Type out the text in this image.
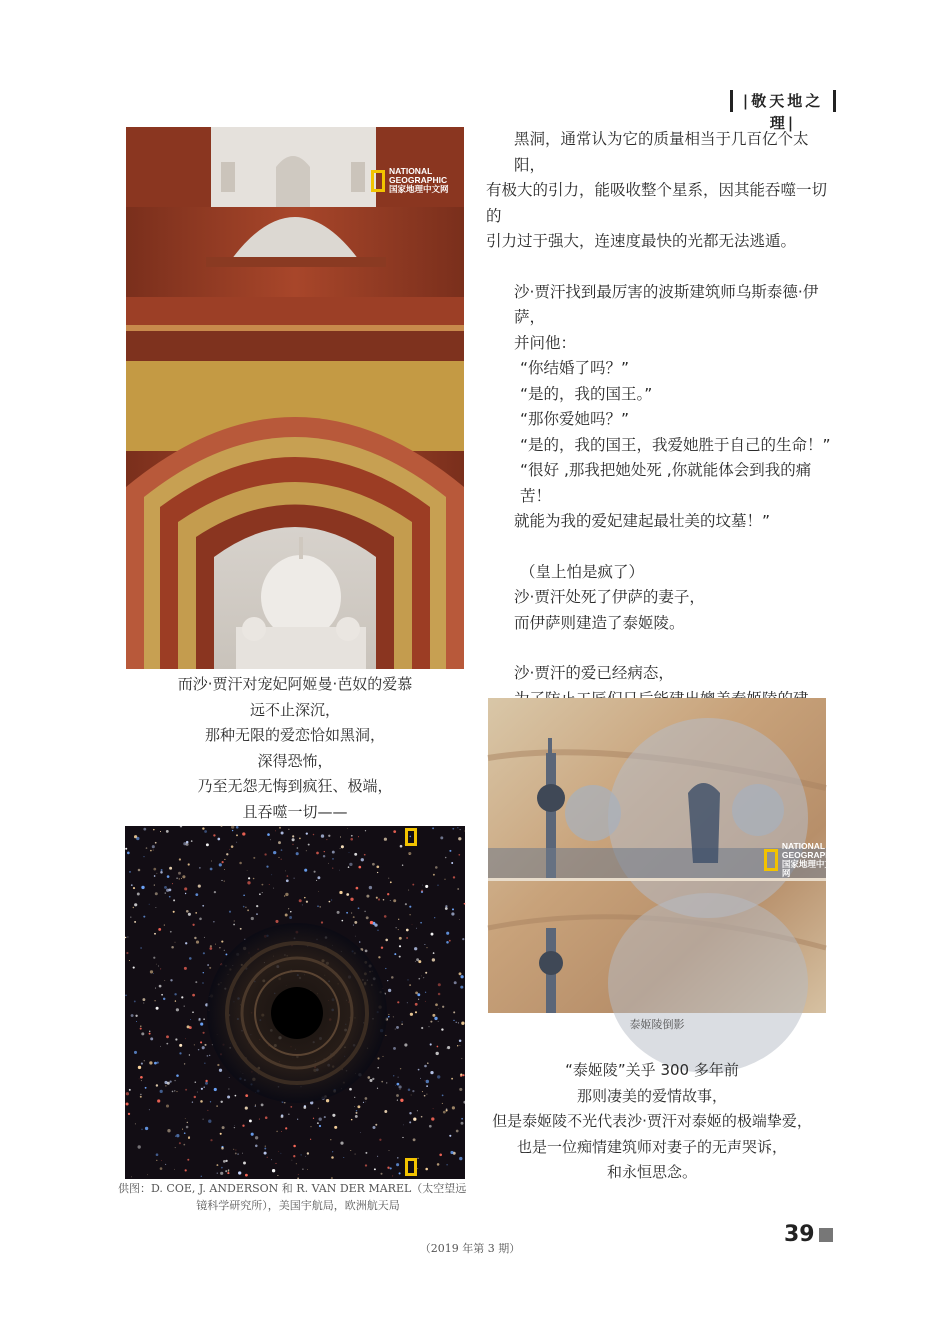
|敬天地之理|
NATIONAL
GEOGRAPHIC
国家地理中文网

黑洞，通常认为它的质量相当于几百亿个太阳，

有极大的引力，能吸收整个星系，因其能吞噬一切的

引力过于强大，连速度最快的光都无法逃遁。

沙·贾汗找到最厉害的波斯建筑师乌斯泰德·伊萨，

并问他：

“你结婚了吗？”

“是的，我的国王。”

“那你爱她吗？”

“是的，我的国王，我爱她胜于自己的生命！”

“很好 ,那我把她处死 ,你就能体会到我的痛苦！

就能为我的爱妃建起最壮美的坟墓！”

（皇上怕是疯了）

沙·贾汗处死了伊萨的妻子，

而伊萨则建造了泰姬陵。

沙·贾汗的爱已经病态，

而沙·贾汗对宠妃阿姬曼·芭奴的爱慕
远不止深沉，
那种无限的爱恋恰如黑洞，
深得恐怖，
乃至无怨无悔到疯狂、极端，
且吞噬一切——
NATIONAL
GEOGRAPHIC
国家地理中文网
泰姬陵倒影
供图：D. COE, J. ANDERSON 和 R. VAN DER MAREL（太空望远
镜科学研究所），美国宇航局，欧洲航天局
“泰姬陵”关乎 300 多年前
那则凄美的爱情故事，
但是泰姬陵不光代表沙·贾汗对泰姬的极端挚爱，
也是一位痴情建筑师对妻子的无声哭诉，
和永恒思念。
39
（2019 年第 3 期）
